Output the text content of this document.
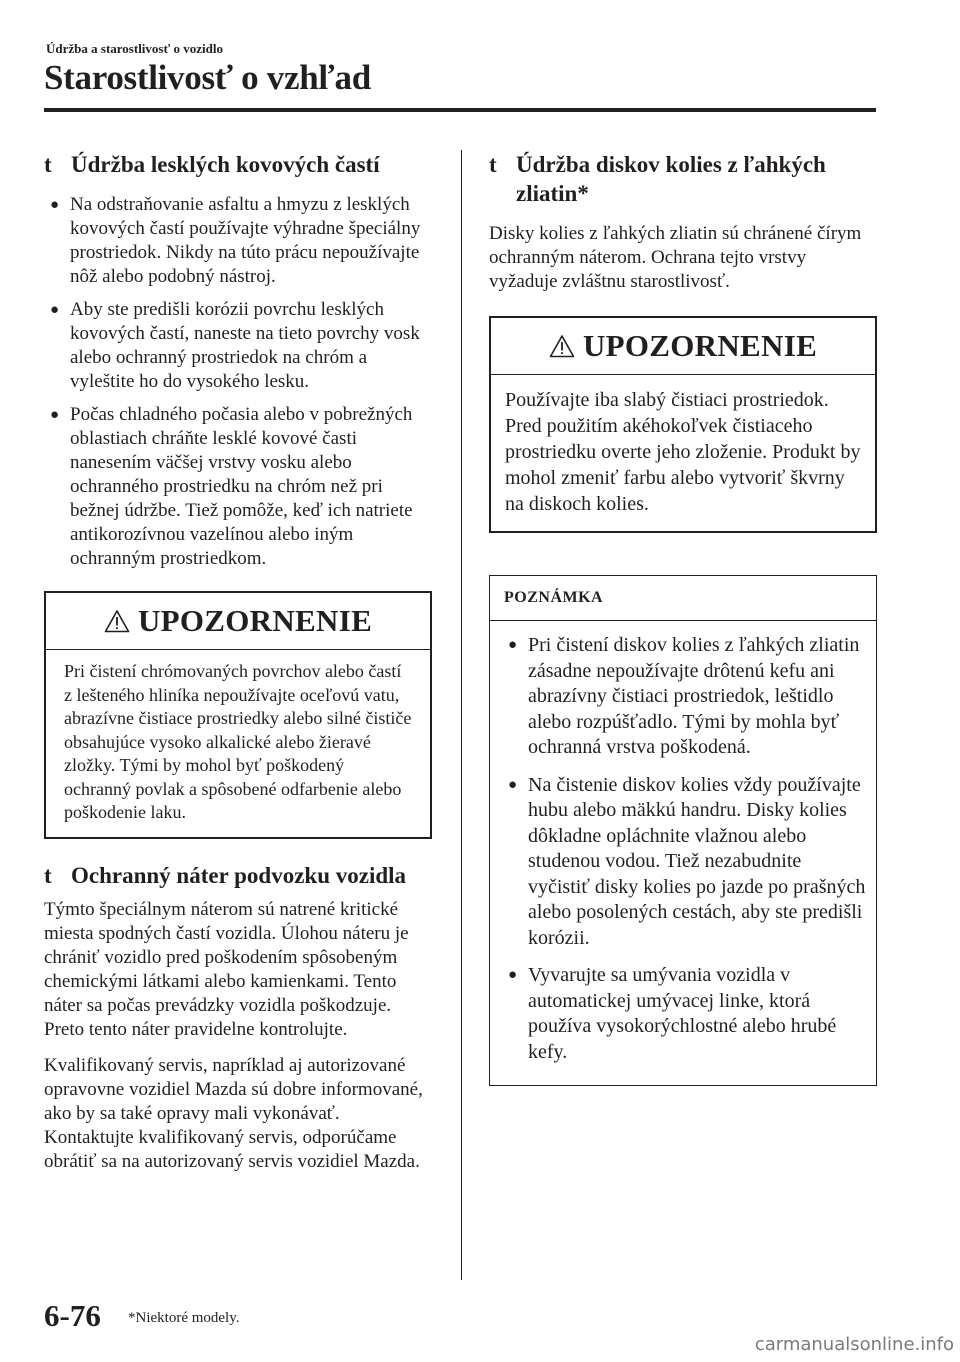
Údržba a starostlivosť o vozidlo
Starostlivosť o vzhľad
t Údržba lesklých kovových častí
● Na odstraňovanie asfaltu a hmyzu z lesklých kovových častí používajte výhradne špeciálny prostriedok. Nikdy na túto prácu nepoužívajte nôž alebo podobný nástroj.
● Aby ste predišli korózii povrchu lesklých kovových častí, naneste na tieto povrchy vosk alebo ochranný prostriedok na chróm a vyleštite ho do vysokého lesku.
● Počas chladného počasia alebo v pobrežných oblastiach chráňte lesklé kovové časti nanesením väčšej vrstvy vosku alebo ochranného prostriedku na chróm než pri bežnej údržbe. Tiež pomôže, keď ich natriete antikorozívnou vazelínou alebo iným ochranným prostriedkom.
UPOZORNENIE
Pri čistení chrómovaných povrchov alebo častí z lešteného hliníka nepoužívajte oceľovú vatu, abrazívne čistiace prostriedky alebo silné čističe obsahujúce vysoko alkalické alebo žieravé zložky. Tými by mohol byť poškodený ochranný povlak a spôsobené odfarbenie alebo poškodenie laku.
t Ochranný náter podvozku vozidla

Týmto špeciálnym náterom sú natrené kritické miesta spodných častí vozidla. Úlohou náteru je chrániť vozidlo pred poškodením spôsobeným chemickými látkami alebo kamienkami. Tento náter sa počas prevádzky vozidla poškodzuje. Preto tento náter pravidelne kontrolujte.

Kvalifikovaný servis, napríklad aj autorizované opravovne vozidiel Mazda sú dobre informované, ako by sa také opravy mali vykonávať. Kontaktujte kvalifikovaný servis, odporúčame obrátiť sa na autorizovaný servis vozidiel Mazda.

t Údržba diskov kolies z ľahkých zliatin*

Disky kolies z ľahkých zliatin sú chránené čírym ochranným náterom. Ochrana tejto vrstvy vyžaduje zvláštnu starostlivosť.

UPOZORNENIE
Používajte iba slabý čistiaci prostriedok. Pred použitím akéhokoľvek čistiaceho prostriedku overte jeho zloženie. Produkt by mohol zmeniť farbu alebo vytvoriť škvrny na diskoch kolies.
POZNÁMKA
● Pri čistení diskov kolies z ľahkých zliatin zásadne nepoužívajte drôtenú kefu ani abrazívny čistiaci prostriedok, leštidlo alebo rozpúšťadlo. Tými by mohla byť ochranná vrstva poškodená.
● Na čistenie diskov kolies vždy používajte hubu alebo mäkkú handru. Disky kolies dôkladne opláchnite vlažnou alebo studenou vodou. Tiež nezabudnite vyčistiť disky kolies po jazde po prašných alebo posolených cestách, aby ste predišli korózii.
● Vyvarujte sa umývania vozidla v automatickej umývacej linke, ktorá používa vysokorýchlostné alebo hrubé kefy.
6-76 *Niektoré modely.
carmanualsonline.info
